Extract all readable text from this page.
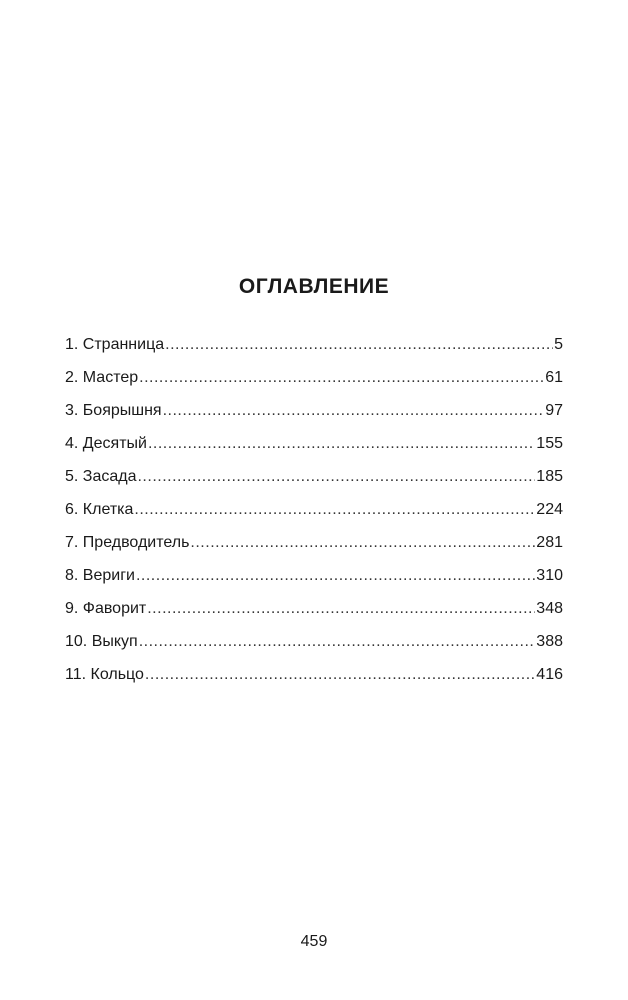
ОГЛАВЛЕНИЕ
1. Странница .....	5
2. Мастер .....	61
3. Боярышня .....	97
4. Десятый .....	155
5. Засада .....	185
6. Клетка .....	224
7. Предводитель .....	281
8. Вериги .....	310
9. Фаворит .....	348
10. Выкуп .....	388
11. Кольцо .....	416
459
